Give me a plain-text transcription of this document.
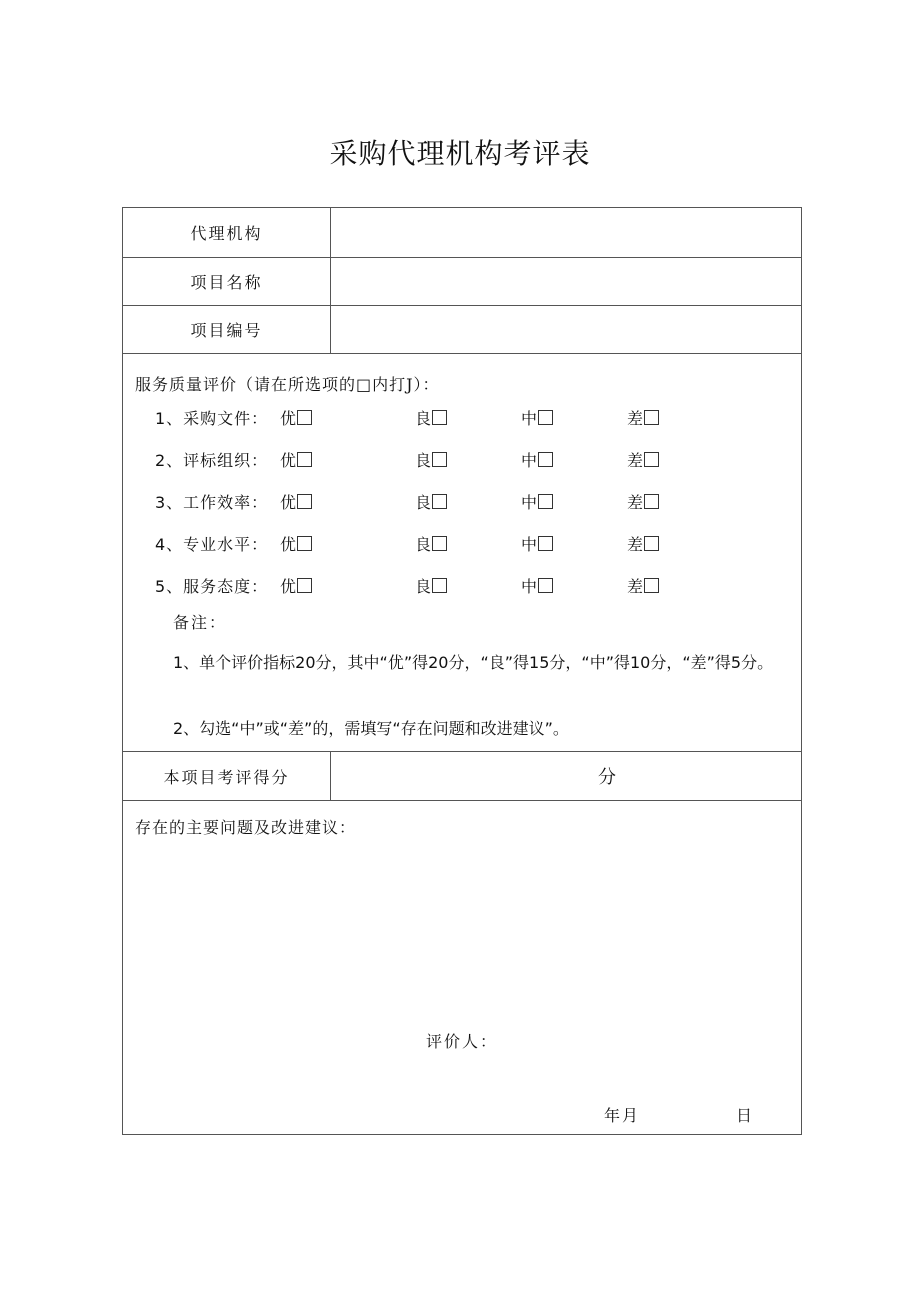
采购代理机构考评表
代理机构
项目名称
项目编号
服务质量评价（请在所选项的□内打J）：
1、采购文件： 优	良	中	差
2、评标组织： 优	良	中	差
3、工作效率： 优	良	中	差
4、专业水平： 优	良	中	差
5、服务态度： 优	良	中	差
备注：
1、单个评价指标20分，其中“优”得20分，“良”得15分，“中”得10分，“差”得5分。
2、勾选“中”或“差”的，需填写“存在问题和改进建议”。
本项目考评得分	分
存在的主要问题及改进建议：
评价人：
年月	日
